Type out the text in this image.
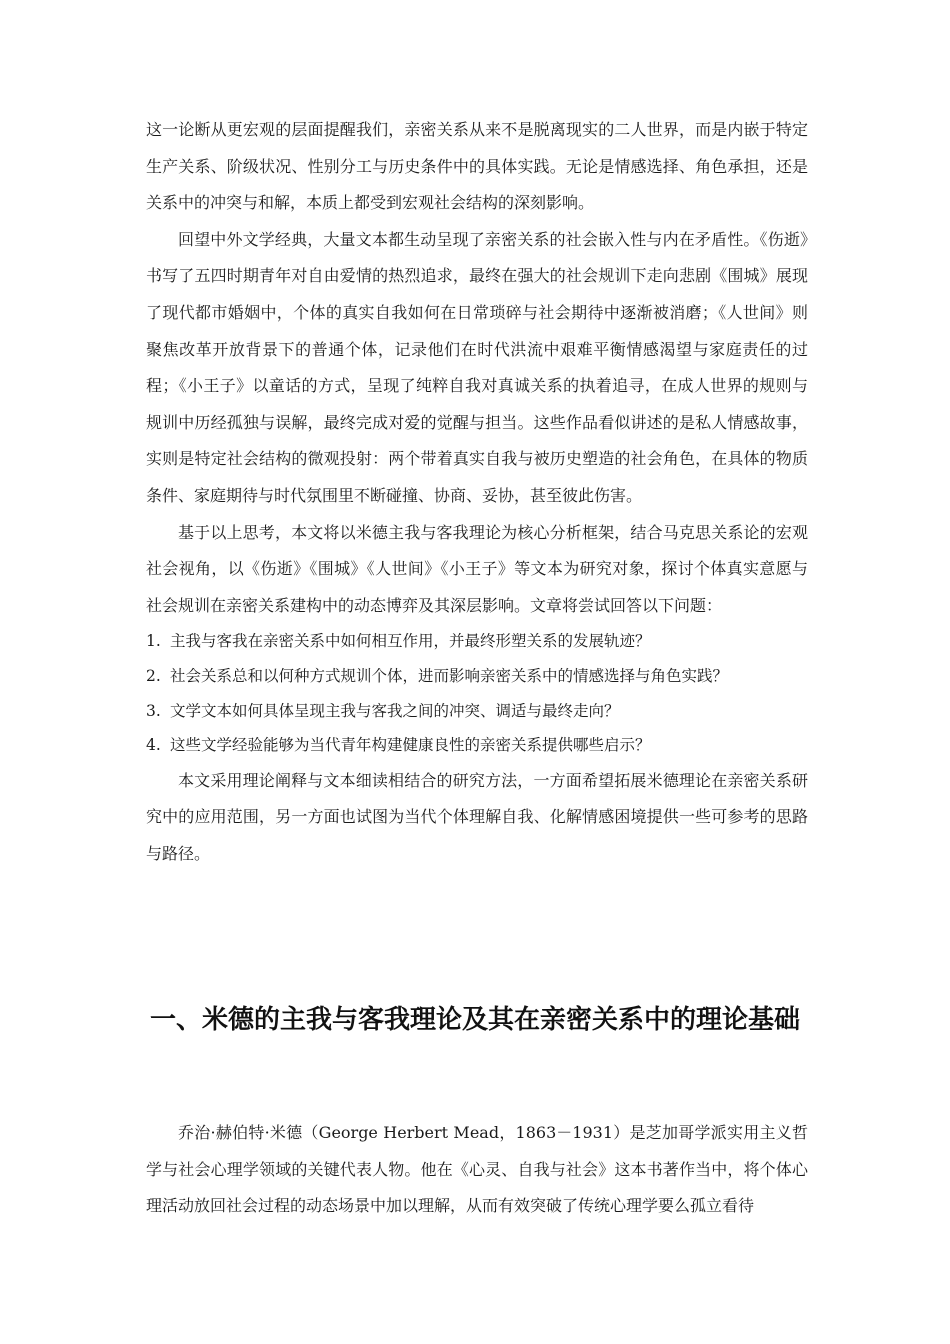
这一论断从更宏观的层面提醒我们，亲密关系从来不是脱离现实的二人世界，而是内嵌于特定生产关系、阶级状况、性别分工与历史条件中的具体实践。无论是情感选择、角色承担，还是关系中的冲突与和解，本质上都受到宏观社会结构的深刻影响。

回望中外文学经典，大量文本都生动呈现了亲密关系的社会嵌入性与内在矛盾性。《伤逝》书写了五四时期青年对自由爱情的热烈追求，最终在强大的社会规训下走向悲剧《围城》展现了现代都市婚姻中，个体的真实自我如何在日常琐碎与社会期待中逐渐被消磨；《人世间》则聚焦改革开放背景下的普通个体，记录他们在时代洪流中艰难平衡情感渴望与家庭责任的过程；《小王子》以童话的方式，呈现了纯粹自我对真诚关系的执着追寻，在成人世界的规则与规训中历经孤独与误解，最终完成对爱的觉醒与担当。这些作品看似讲述的是私人情感故事，实则是特定社会结构的微观投射：两个带着真实自我与被历史塑造的社会角色，在具体的物质条件、家庭期待与时代氛围里不断碰撞、协商、妥协，甚至彼此伤害。

基于以上思考，本文将以米德主我与客我理论为核心分析框架，结合马克思关系论的宏观社会视角，以《伤逝》《围城》《人世间》《小王子》等文本为研究对象，探讨个体真实意愿与社会规训在亲密关系建构中的动态博弈及其深层影响。文章将尝试回答以下问题：

1. 主我与客我在亲密关系中如何相互作用，并最终形塑关系的发展轨迹？
2. 社会关系总和以何种方式规训个体，进而影响亲密关系中的情感选择与角色实践？
3. 文学文本如何具体呈现主我与客我之间的冲突、调适与最终走向？
4. 这些文学经验能够为当代青年构建健康良性的亲密关系提供哪些启示？

本文采用理论阐释与文本细读相结合的研究方法，一方面希望拓展米德理论在亲密关系研究中的应用范围，另一方面也试图为当代个体理解自我、化解情感困境提供一些可参考的思路与路径。

一、米德的主我与客我理论及其在亲密关系中的理论基础

乔治·赫伯特·米德（George Herbert Mead，1863－1931）是芝加哥学派实用主义哲学与社会心理学领域的关键代表人物。他在《心灵、自我与社会》这本书著作当中，将个体心理活动放回社会过程的动态场景中加以理解，从而有效突破了传统心理学要么孤立看待
